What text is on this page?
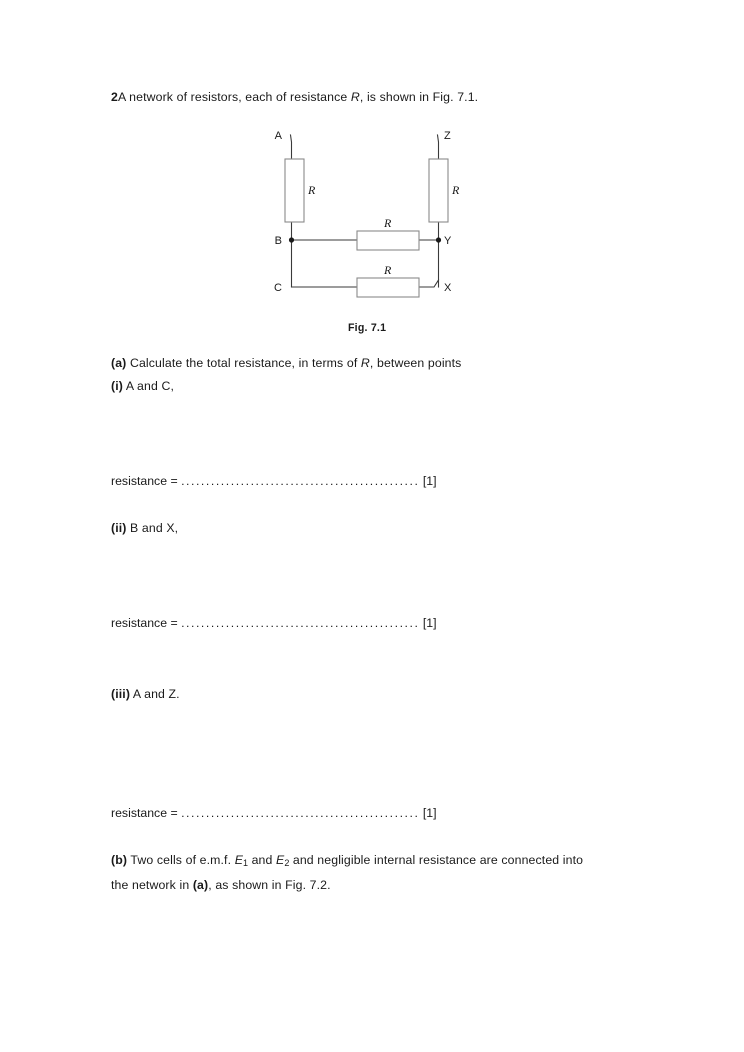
2A network of resistors, each of resistance R, is shown in Fig. 7.1.
R	R
R
R
A
B
C
Z
Y
X
Fig. 7.1
(a) Calculate the total resistance, in terms of R, between points
(i) A and C,
resistance = ................................................ [1]
(ii) B and X,
resistance = ................................................ [1]
(iii) A and Z.
resistance = ................................................ [1]
(b) Two cells of e.m.f. $E_1$ and $E_2$ and negligible internal resistance are connected into
the network in (a), as shown in Fig. 7.2.
